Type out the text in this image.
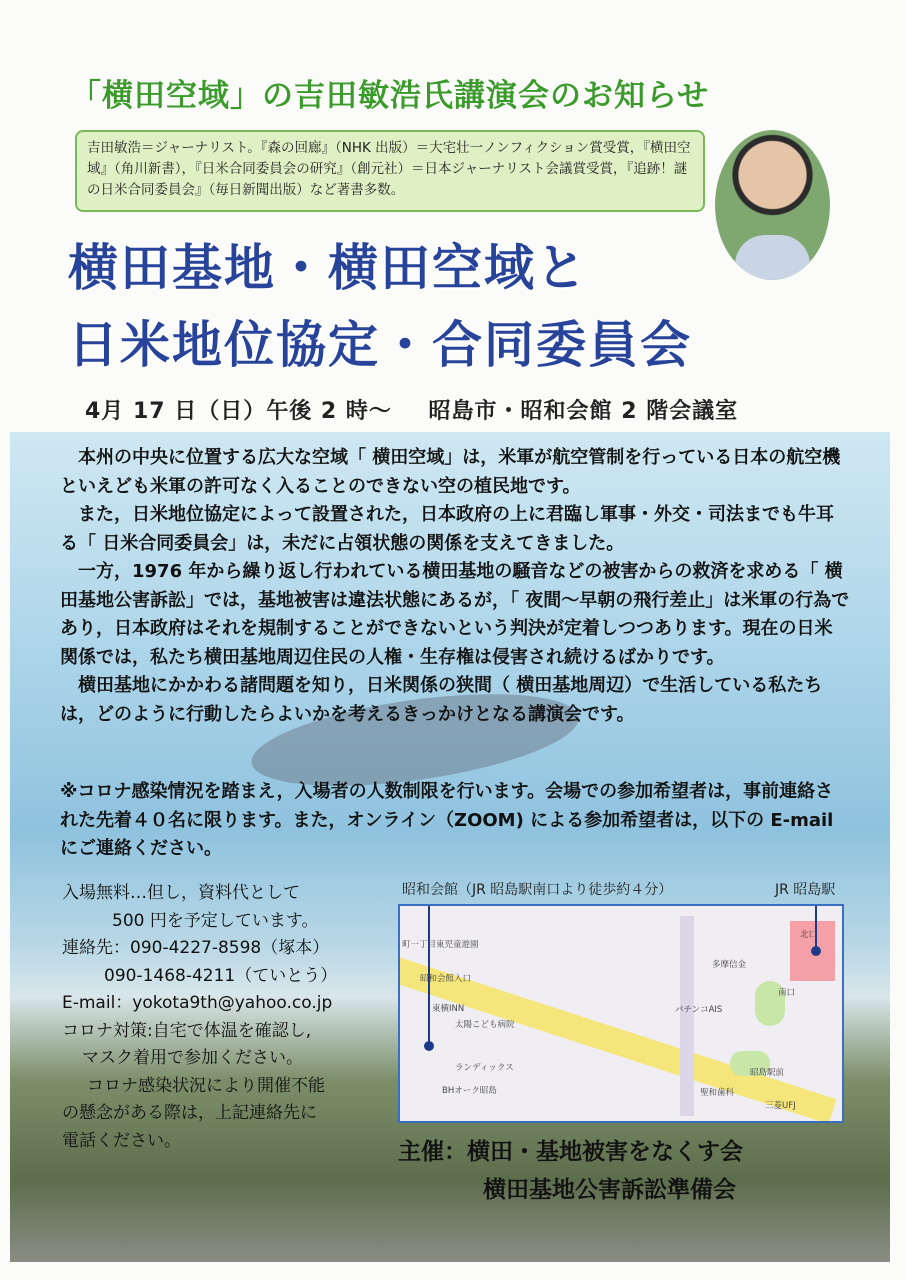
「横田空域」の吉田敏浩氏講演会のお知らせ
吉田敏浩＝ジャーナリスト。『森の回廊』（NHK 出版）＝大宅壮一ノンフィクション賞受賞，『横田空域』（角川新書），『日米合同委員会の研究』（創元社）＝日本ジャーナリスト会議賞受賞，『追跡！謎の日米合同委員会』（毎日新聞出版）など著書多数。
横田基地・横田空域と
日米地位協定・合同委員会
4月 17 日（日）午後 2 時〜 昭島市・昭和会館 2 階会議室

本州の中央に位置する広大な空域「 横田空域」は，米軍が航空管制を行っている日本の航空機といえども米軍の許可なく入ることのできない空の植民地です。

また，日米地位協定によって設置された，日本政府の上に君臨し軍事・外交・司法までも牛耳る「 日米合同委員会」は，未だに占領状態の関係を支えてきました。

一方，1976 年から繰り返し行われている横田基地の騒音などの被害からの救済を求める「 横田基地公害訴訟」では，基地被害は違法状態にあるが，「 夜間〜早朝の飛行差止」は米軍の行為であり，日本政府はそれを規制することができないという判決が定着しつつあります。現在の日米関係では，私たち横田基地周辺住民の人権・生存権は侵害され続けるばかりです。

横田基地にかかわる諸問題を知り，日米関係の狭間（ 横田基地周辺）で生活している私たちは，どのように行動したらよいかを考えるきっかけとなる講演会です。

※コロナ感染情況を踏まえ，入場者の人数制限を行います。会場での参加希望者は，事前連絡された先着４０名に限ります。また，オンライン（ZOOM) による参加希望者は，以下の E-mail にご連絡ください。
入場無料…但し，資料代として
500 円を予定しています。
連絡先：090-4227-8598（塚本）
090-1468-4211（ていとう）
E-mail：yokota9th@yahoo.co.jp
コロナ対策:自宅で体温を確認し,
マスク着用で参加ください。
コロナ感染状況により開催不能
の懸念がある際は，上記連絡先に
電話ください。
昭和会館（JR 昭島駅南口より徒歩約４分）	JR 昭島駅
町一丁目東児童遊園
東横INN
太陽こども病院
ランディックス
BHオーク昭島
パチンコAIS
聖和歯科
三菱UFJ
南口
昭島駅前
北口
多摩信金
昭和会館入口
主催：横田・基地被害をなくす会
横田基地公害訴訟準備会
